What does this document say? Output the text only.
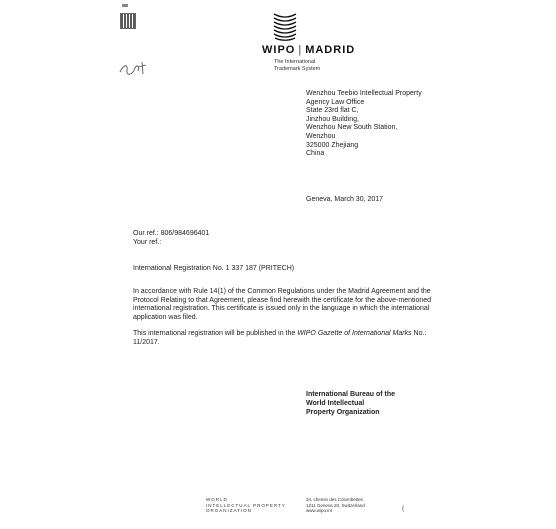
WIPO | MADRID
The International
Trademark System
Wenzhou Teebio Intellectual Property
Agency Law Office
State 23rd flat C,
Jinzhou Building,
Wenzhou New South Station,
Wenzhou
325000 Zhejiang
China
Geneva, March 30, 2017
Our ref.: 806/984696401
Your ref.:
International Registration No. 1 337 187 (PRITECH)
In accordance with Rule 14(1) of the Common Regulations under the Madrid Agreement and the Protocol Relating to that Agreement, please find herewith the certificate for the above-mentioned international registration. This certificate is issued only in the language in which the international application was filed.
This international registration will be published in the WIPO Gazette of International Marks No.: 11/2017.
International Bureau of the
World Intellectual
Property Organization
WORLD
INTELLECTUAL PROPERTY
ORGANIZATION
34, chemin des Colombettes
1211 Geneva 20, Switzerland
www.wipo.int	{
